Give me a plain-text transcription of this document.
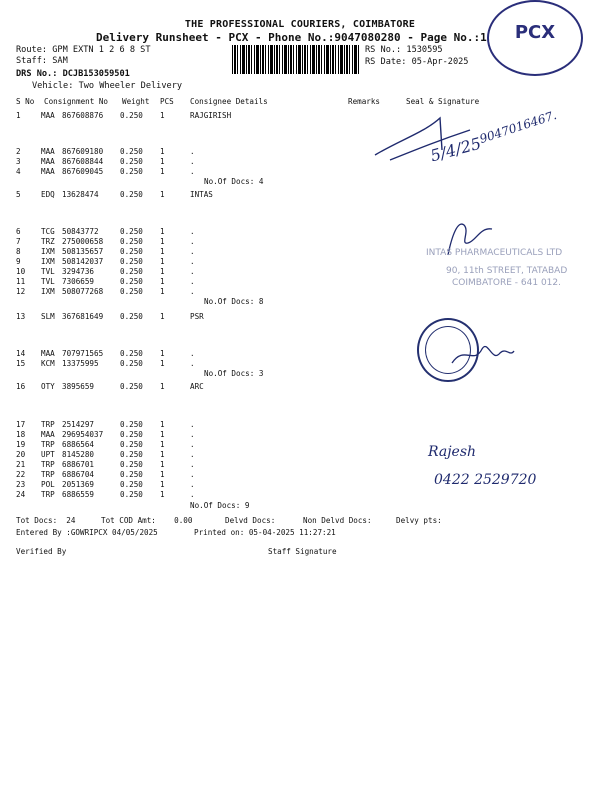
THE PROFESSIONAL COURIERS, COIMBATORE
Delivery Runsheet - PCX - Phone No.:9047080280 - Page No.:1	PCX
Route: GPM EXTN 1 2 6 8 ST
Staff: SAM
DRS No.: DCJB153059501
Vehicle: Two Wheeler Delivery
RS No.: 1530595
RS Date: 05-Apr-2025
S No Consignment No Weight PCS Consignee Details	Remarks	Seal & Signature
1	MAA 867608876 0.250 1	RAJGIRISH
2	MAA 867609180 0.250 1	.
3	MAA 867608844 0.250 1	.
4	MAA 867609045 0.250 1	.
No.Of Docs: 4
5	EDQ 13628474	0.250 1	INTAS
6	TCG 50843772	0.250 1	.
7	TRZ 275000658 0.250 1	.
8	IXM 508135657 0.250 1	.
9	IXM 508142037 0.250 1	.
10 TVL 3294736	0.250 1	.
11 TVL 7306659	0.250 1	.
12 IXM 508077268 0.250 1	.
No.Of Docs: 8
13 SLM 367681649 0.250 1	PSR
14 MAA 707971565 0.250 1	.
15 KCM 13375995	0.250 1	.
No.Of Docs: 3
16 OTY 3895659	0.250 1	ARC
17 TRP 2514297	0.250 1	.
18 MAA 296954037 0.250 1	.
19 TRP 6886564	0.250 1	.
20 UPT 8145280	0.250 1	.
21 TRP 6886701	0.250 1	.
22 TRP 6886704	0.250 1	.
23 POL 2051369	0.250 1	.
24 TRP 6886559	0.250 1	.
No.Of Docs: 9
5/4/25
9047016467.
INTAS PHARMACEUTICALS LTD
90, 11th STREET, TATABAD
COIMBATORE - 641 012.
Rajesh
0422 2529720
Tot Docs:  24	Tot COD Amt:    0.00	Delvd Docs:	Non Delvd Docs:	Delvy pts:
Entered By :GOWRIPCX 04/05/2025	Printed on: 05-04-2025 11:27:21
Verified By	Staff Signature
